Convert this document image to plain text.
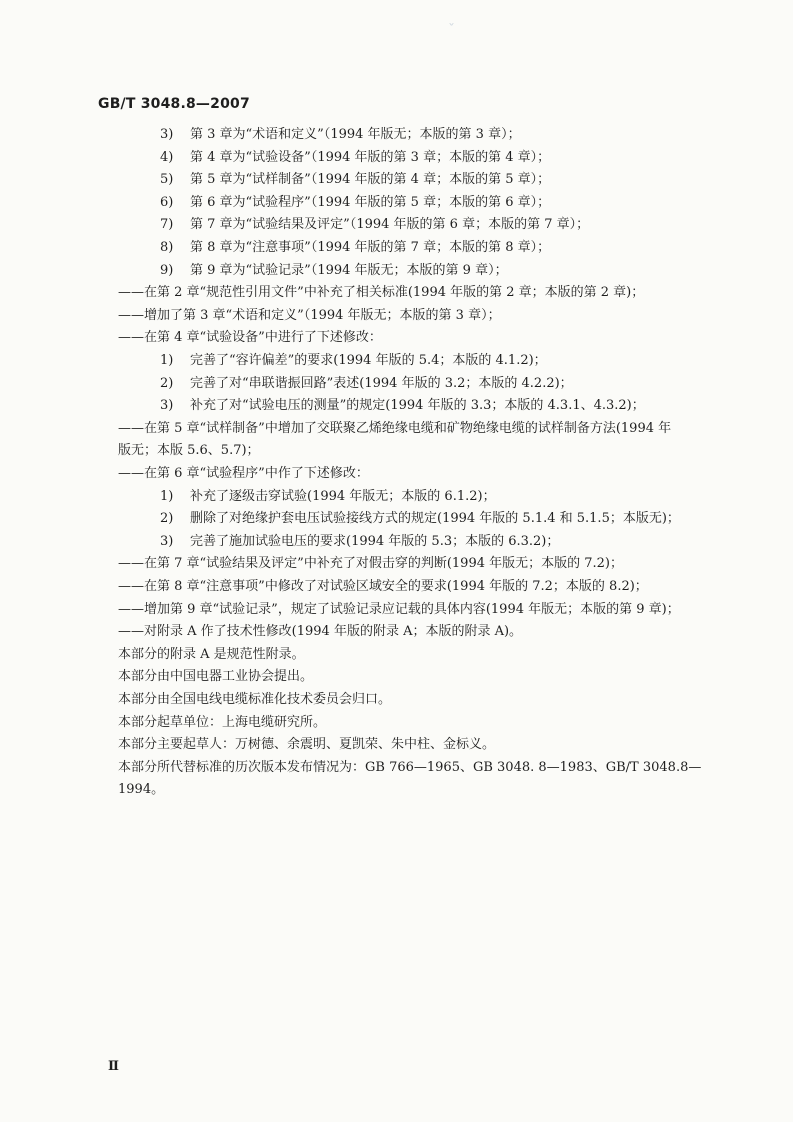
ˇ
GB/T 3048.8—2007
3) 第 3 章为“术语和定义”（1994 年版无；本版的第 3 章）；
4) 第 4 章为“试验设备”（1994 年版的第 3 章；本版的第 4 章）；
5) 第 5 章为“试样制备”（1994 年版的第 4 章；本版的第 5 章）；
6) 第 6 章为“试验程序”（1994 年版的第 5 章；本版的第 6 章）；
7) 第 7 章为“试验结果及评定”（1994 年版的第 6 章；本版的第 7 章）；
8) 第 8 章为“注意事项”（1994 年版的第 7 章；本版的第 8 章）；
9) 第 9 章为“试验记录”（1994 年版无；本版的第 9 章）；
——在第 2 章“规范性引用文件”中补充了相关标准(1994 年版的第 2 章；本版的第 2 章)；
——增加了第 3 章“术语和定义”（1994 年版无；本版的第 3 章）；
——在第 4 章“试验设备”中进行了下述修改：
1) 完善了“容许偏差”的要求(1994 年版的 5.4；本版的 4.1.2)；
2) 完善了对“串联谐振回路”表述(1994 年版的 3.2；本版的 4.2.2)；
3) 补充了对“试验电压的测量”的规定(1994 年版的 3.3；本版的 4.3.1、4.3.2)；
——在第 5 章“试样制备”中增加了交联聚乙烯绝缘电缆和矿物绝缘电缆的试样制备方法(1994 年
版无；本版 5.6、5.7)；
——在第 6 章“试验程序”中作了下述修改：
1) 补充了逐级击穿试验(1994 年版无；本版的 6.1.2)；
2) 删除了对绝缘护套电压试验接线方式的规定(1994 年版的 5.1.4 和 5.1.5；本版无)；
3) 完善了施加试验电压的要求(1994 年版的 5.3；本版的 6.3.2)；
——在第 7 章“试验结果及评定”中补充了对假击穿的判断(1994 年版无；本版的 7.2)；
——在第 8 章“注意事项”中修改了对试验区域安全的要求(1994 年版的 7.2；本版的 8.2)；
——增加第 9 章“试验记录”，规定了试验记录应记载的具体内容(1994 年版无；本版的第 9 章)；
——对附录 A 作了技术性修改(1994 年版的附录 A；本版的附录 A)。
本部分的附录 A 是规范性附录。
本部分由中国电器工业协会提出。
本部分由全国电线电缆标准化技术委员会归口。
本部分起草单位：上海电缆研究所。
本部分主要起草人：万树德、余震明、夏凯荣、朱中柱、金标义。
本部分所代替标准的历次版本发布情况为：GB 766—1965、GB 3048. 8—1983、GB/T 3048.8—
1994。
Ⅱ
